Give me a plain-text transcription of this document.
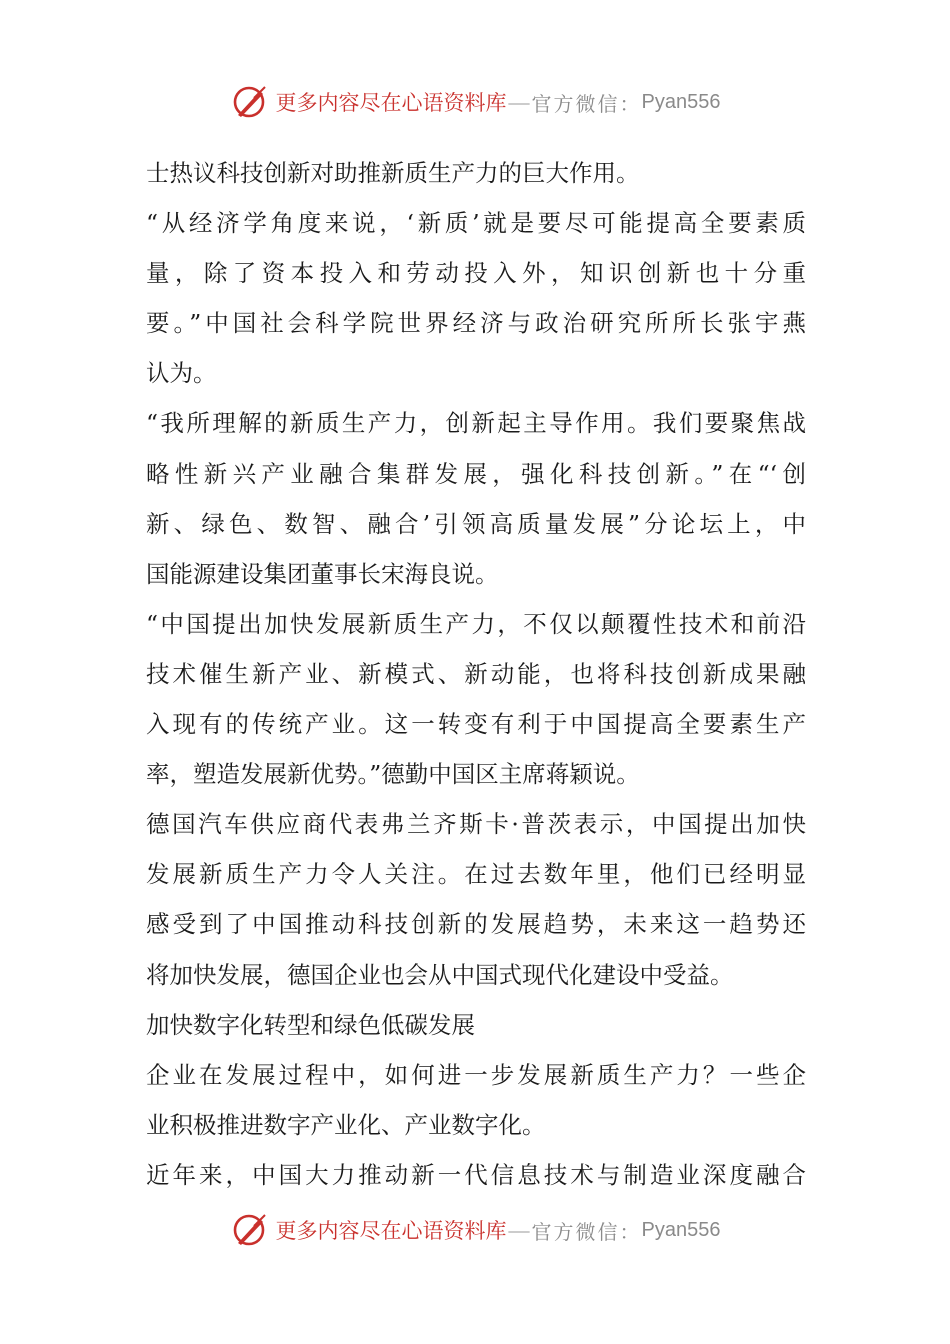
更多内容尽在心语资料库 — 官方微信： Pyan556
士热议科技创新对助推新质生产力的巨大作用。
“从经济学角度来说，‘新质’就是要尽可能提高全要素质
量，除了资本投入和劳动投入外，知识创新也十分重
要。”中国社会科学院世界经济与政治研究所所长张宇燕
认为。
“我所理解的新质生产力，创新起主导作用。我们要聚焦战
略性新兴产业融合集群发展，强化科技创新。”在“‘创
新、绿色、数智、融合’引领高质量发展”分论坛上，中
国能源建设集团董事长宋海良说。
“中国提出加快发展新质生产力，不仅以颠覆性技术和前沿
技术催生新产业、新模式、新动能，也将科技创新成果融
入现有的传统产业。这一转变有利于中国提高全要素生产
率，塑造发展新优势。”德勤中国区主席蒋颖说。
德国汽车供应商代表弗兰齐斯卡·普茨表示，中国提出加快
发展新质生产力令人关注。在过去数年里，他们已经明显
感受到了中国推动科技创新的发展趋势，未来这一趋势还
将加快发展，德国企业也会从中国式现代化建设中受益。
加快数字化转型和绿色低碳发展
企业在发展过程中，如何进一步发展新质生产力？一些企
业积极推进数字产业化、产业数字化。
近年来，中国大力推动新一代信息技术与制造业深度融合
更多内容尽在心语资料库 — 官方微信： Pyan556
